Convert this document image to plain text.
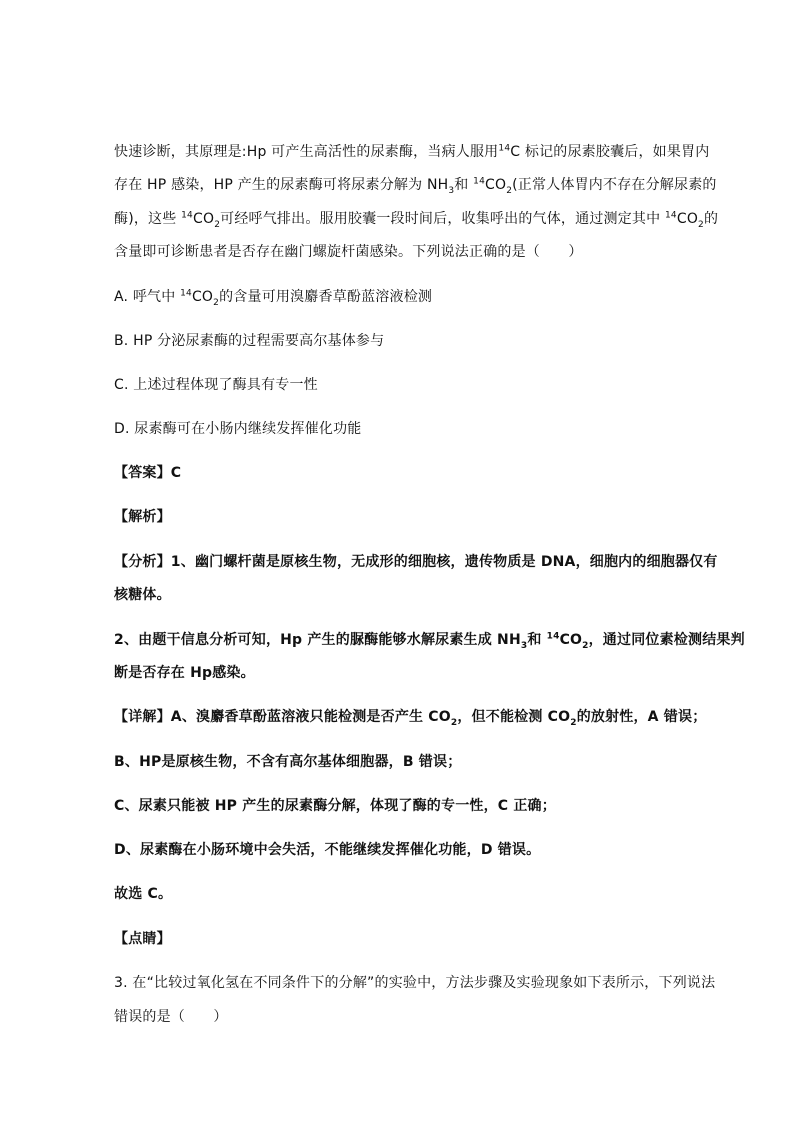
快速诊断，其原理是:Hp 可产生高活性的尿素酶，当病人服用$^{14}$C 标记的尿素胶囊后，如果胃内
存在 HP 感染，HP 产生的尿素酶可将尿素分解为 $NH_3$和 $^{14}CO_2$(正常人体胃内不存在分解尿素的
酶)，这些 $^{14}CO_2$可经呼气排出。服用胶囊一段时间后，收集呼出的气体，通过测定其中 $^{14}CO_2$的
含量即可诊断患者是否存在幽门螺旋杆菌感染。下列说法正确的是（　　）
A. 呼气中 $^{14}CO_2$的含量可用溴麝香草酚蓝溶液检测
B. HP 分泌尿素酶的过程需要高尔基体参与
C. 上述过程体现了酶具有专一性
D. 尿素酶可在小肠内继续发挥催化功能
【答案】C
【解析】
【分析】1、幽门螺杆菌是原核生物，无成形的细胞核，遗传物质是 DNA，细胞内的细胞器仅有
核糖体。
2、由题干信息分析可知，Hp 产生的脲酶能够水解尿素生成 $NH_3$和 $^{14}CO_2$，通过同位素检测结果判
断是否存在 Hp感染。
【详解】A、溴麝香草酚蓝溶液只能检测是否产生 $CO_2$，但不能检测 $CO_2$的放射性，A 错误；
B、HP是原核生物，不含有高尔基体细胞器，B 错误；
C、尿素只能被 HP 产生的尿素酶分解，体现了酶的专一性，C 正确；
D、尿素酶在小肠环境中会失活，不能继续发挥催化功能，D 错误。
故选 C。
【点睛】
3. 在“比较过氧化氢在不同条件下的分解”的实验中，方法步骤及实验现象如下表所示，下列说法
错误的是（　　）
